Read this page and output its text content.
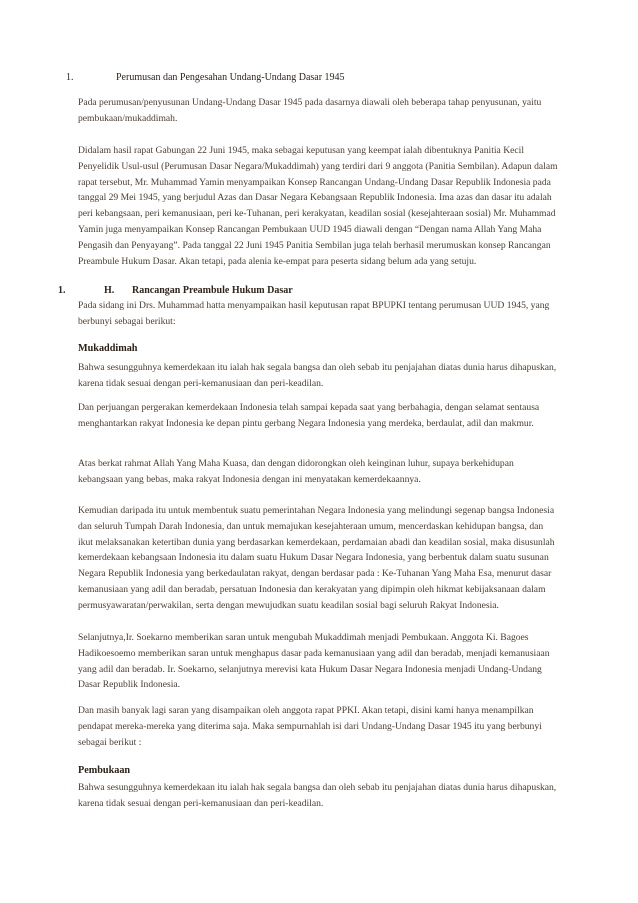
1.	Perumusan dan Pengesahan Undang-Undang Dasar 1945

Pada perumusan/penyusunan Undang-Undang Dasar 1945 pada dasarnya diawali oleh beberapa tahap penyusunan, yaitu pembukaan/mukaddimah.

Didalam hasil rapat Gabungan 22 Juni 1945, maka sebagai keputusan yang keempat ialah dibentuknya Panitia Kecil Penyelidik Usul-usul (Perumusan Dasar Negara/Mukaddimah) yang terdiri dari 9 anggota (Panitia Sembilan). Adapun dalam rapat tersebut, Mr. Muhammad Yamin menyampaikan Konsep Rancangan Undang-Undang Dasar Republik Indonesia pada tanggal 29 Mei 1945, yang berjudul Azas dan Dasar Negara Kebangsaan Republik Indonesia. Ima azas dan dasar itu adalah peri kebangsaan, peri kemanusiaan, peri ke-Tuhanan, peri kerakyatan, keadilan sosial (kesejahteraan sosial) Mr. Muhammad Yamin juga menyampaikan Konsep Rancangan Pembukaan UUD 1945 diawali dengan “Dengan nama Allah Yang Maha Pengasih dan Penyayang”. Pada tanggal 22 Juni 1945 Panitia Sembilan juga telah berhasil merumuskan konsep Rancangan Preambule Hukum Dasar. Akan tetapi, pada alenia ke-empat para peserta sidang belum ada yang setuju.

1.	H. Rancangan Preambule Hukum Dasar

Pada sidang ini Drs. Muhammad hatta menyampaikan hasil keputusan rapat BPUPKI tentang perumusan UUD 1945, yang berbunyi sebagai berikut:

Mukaddimah

Bahwa sesungguhnya kemerdekaan itu ialah hak segala bangsa dan oleh sebab itu penjajahan diatas dunia harus dihapuskan, karena tidak sesuai dengan peri-kemanusiaan dan peri-keadilan.

Dan perjuangan pergerakan kemerdekaan Indonesia telah sampai kepada saat yang berbahagia, dengan selamat sentausa menghantarkan rakyat Indonesia ke depan pintu gerbang Negara Indonesia yang merdeka, berdaulat, adil dan makmur.

Atas berkat rahmat Allah Yang Maha Kuasa, dan dengan didorongkan oleh keinginan luhur, supaya berkehidupan kebangsaan yang bebas, maka rakyat Indonesia dengan ini menyatakan kemerdekaannya.

Kemudian daripada itu untuk membentuk suatu pemerintahan Negara Indonesia yang melindungi segenap bangsa Indonesia dan seluruh Tumpah Darah Indonesia, dan untuk memajukan kesejahteraan umum, mencerdaskan kehidupan bangsa, dan ikut melaksanakan ketertiban dunia yang berdasarkan kemerdekaan, perdamaian abadi dan keadilan sosial, maka disusunlah kemerdekaan kebangsaan Indonesia itu dalam suatu Hukum Dasar Negara Indonesia, yang berbentuk dalam suatu susunan Negara Republik Indonesia yang berkedaulatan rakyat, dengan berdasar pada : Ke-Tuhanan Yang Maha Esa, menurut dasar kemanusiaan yang adil dan beradab, persatuan Indonesia dan kerakyatan yang dipimpin oleh hikmat kebijaksanaan dalam permusyawaratan/perwakilan, serta dengan mewujudkan suatu keadilan sosial bagi seluruh Rakyat Indonesia.

Selanjutnya,Ir. Soekarno memberikan saran untuk mengubah Mukaddimah menjadi Pembukaan. Anggota Ki. Bagoes Hadikoesoemo memberikan saran untuk menghapus dasar pada kemanusiaan yang adil dan beradab, menjadi kemanusiaan yang adil dan beradab. Ir. Soekarno, selanjutnya merevisi kata Hukum Dasar Negara Indonesia menjadi Undang-Undang Dasar Republik Indonesia.

Dan masih banyak lagi saran yang disampaikan oleh anggota rapat PPKI. Akan tetapi, disini kami hanya menampilkan pendapat mereka-mereka yang diterima saja. Maka sempurnahlah isi dari Undang-Undang Dasar 1945 itu yang berbunyi sebagai berikut :

Pembukaan

Bahwa sesungguhnya kemerdekaan itu ialah hak segala bangsa dan oleh sebab itu penjajahan diatas dunia harus dihapuskan, karena tidak sesuai dengan peri-kemanusiaan dan peri-keadilan.
